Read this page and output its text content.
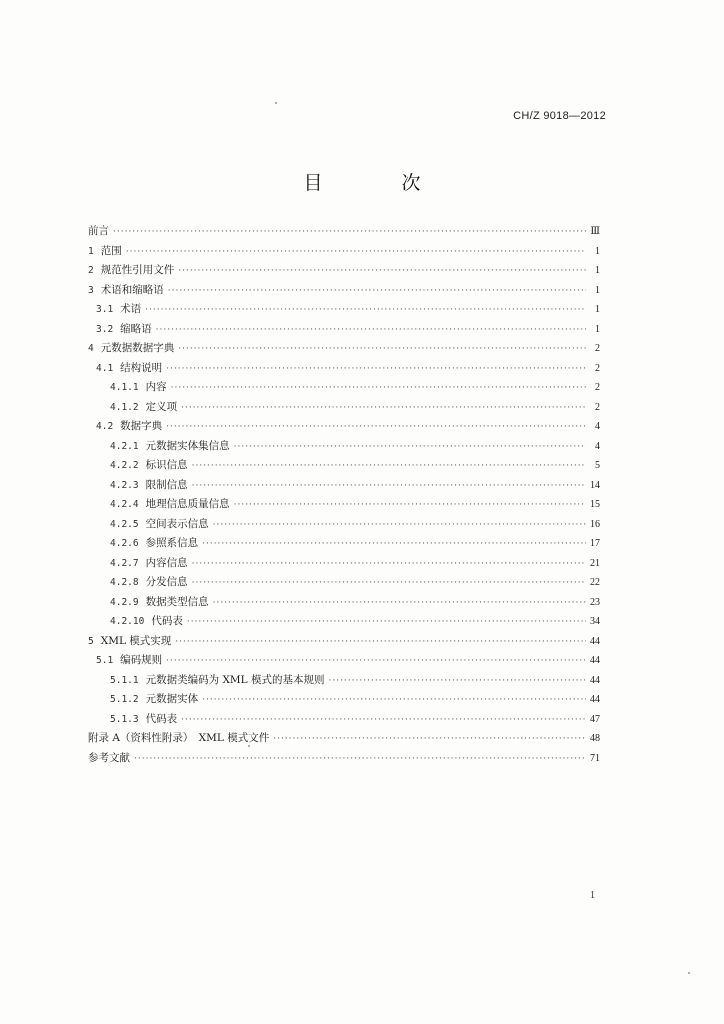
CH/Z 9018—2012
目　次
前言 ·····	Ⅲ
1 范围 ·····	1
2 规范性引用文件 ·····	1
3 术语和缩略语 ·····	1
3.1 术语 ·····	1
3.2 缩略语 ·····	1
4 元数据数据字典 ·····	2
4.1 结构说明 ·····	2
4.1.1 内容 ·····	2
4.1.2 定义项 ·····	2
4.2 数据字典 ·····	4
4.2.1 元数据实体集信息 ·····	4
4.2.2 标识信息 ·····	5
4.2.3 限制信息 ·····	14
4.2.4 地理信息质量信息 ·····	15
4.2.5 空间表示信息 ·····	16
4.2.6 参照系信息 ·····	17
4.2.7 内容信息 ·····	21
4.2.8 分发信息 ·····	22
4.2.9 数据类型信息 ·····	23
4.2.10 代码表 ·····	34
5 XML 模式实现 ·····	44
5.1 编码规则 ·····	44
5.1.1 元数据类编码为 XML 模式的基本规则 ·····	44
5.1.2 元数据实体 ·····	44
5.1.3 代码表 ·····	47
附录 A（资料性附录）　XML 模式文件 ·····	48
参考文献 ·····	71
1
